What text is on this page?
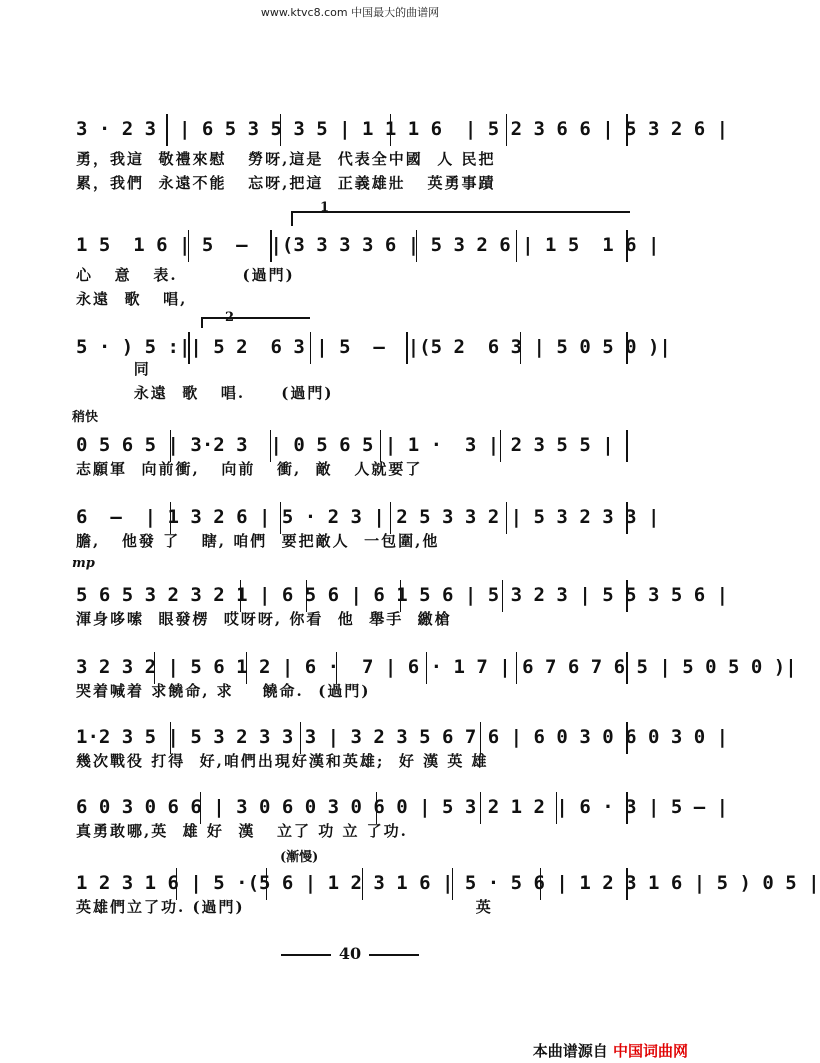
www.ktvc8.com 中国最大的曲谱网
3 · 2 3  | 6 5 3 5 3 5 | 1 1 1 6  | 5 2 3 6 6 | 5 3 2 6 |
勇，我這  敬禮來慰   勞呀,這是  代表全中國  人 民把
累，我們  永遠不能   忘呀,把這  正義雄壯   英勇事蹟
1
1 5  1 6 | 5  —  |(3 3 3 3 6 | 5 3 2 6 | 1 5  1 6 |
心   意   表.         (過門)
永遠  歌   唱,
2
5 · ) 5 :|| 5 2  6 3 | 5  —  |(5 2  6 3 | 5 0 5 0 )|
同
永遠  歌   唱.     (過門)
稍快
0 5 6 5 | 3·2 3  | 0 5 6 5 | 1 ·  3 | 2 3 5 5 |
志願軍  向前衝,   向前   衝,  敵   人就要了
6  —  | 1 3 2 6 | 5 · 2 3 | 2 5 3 3 2 | 5 3 2 3 3 |
膽,   他發 了   瞎, 咱們  要把敵人  一包圍,他
mp
5 6 5 3 2 3 2 1 | 6 5 6 | 6 1 5 6 | 5 3 2 3 | 5 5 3 5 6 |
渾身哆嗦  眼發楞  哎呀呀, 你看  他  舉手  繳槍
3 2 3 2 | 5 6 1 2 | 6 ·  7 | 6 · 1 7 | 6 7 6 7 6 5 | 5 0 5 0 )|
哭着喊着 求饒命, 求    饒命.  (過門)
1·2 3 5 | 5 3 2 3 3 3 | 3 2 3 5 6 7 6 | 6 0 3 0 6 0 3 0 |
幾次戰役 打得  好,咱們出現好漢和英雄;  好 漢 英 雄
6 0 3 0 6 6 | 3 0 6 0 3 0 6 0 | 5 3 2 1 2 | 6 · 3 | 5 — |
真勇敢哪,英  雄 好  漢   立了 功 立 了功.
(漸慢)
1 2 3 1 6 | 5 ·(5 6 | 1 2 3 1 6 | 5 · 5 6 | 1 2 3 1 6 | 5 ) 0 5 |
英雄們立了功. (過門)                                英
40
本曲谱源自 中国词曲网
